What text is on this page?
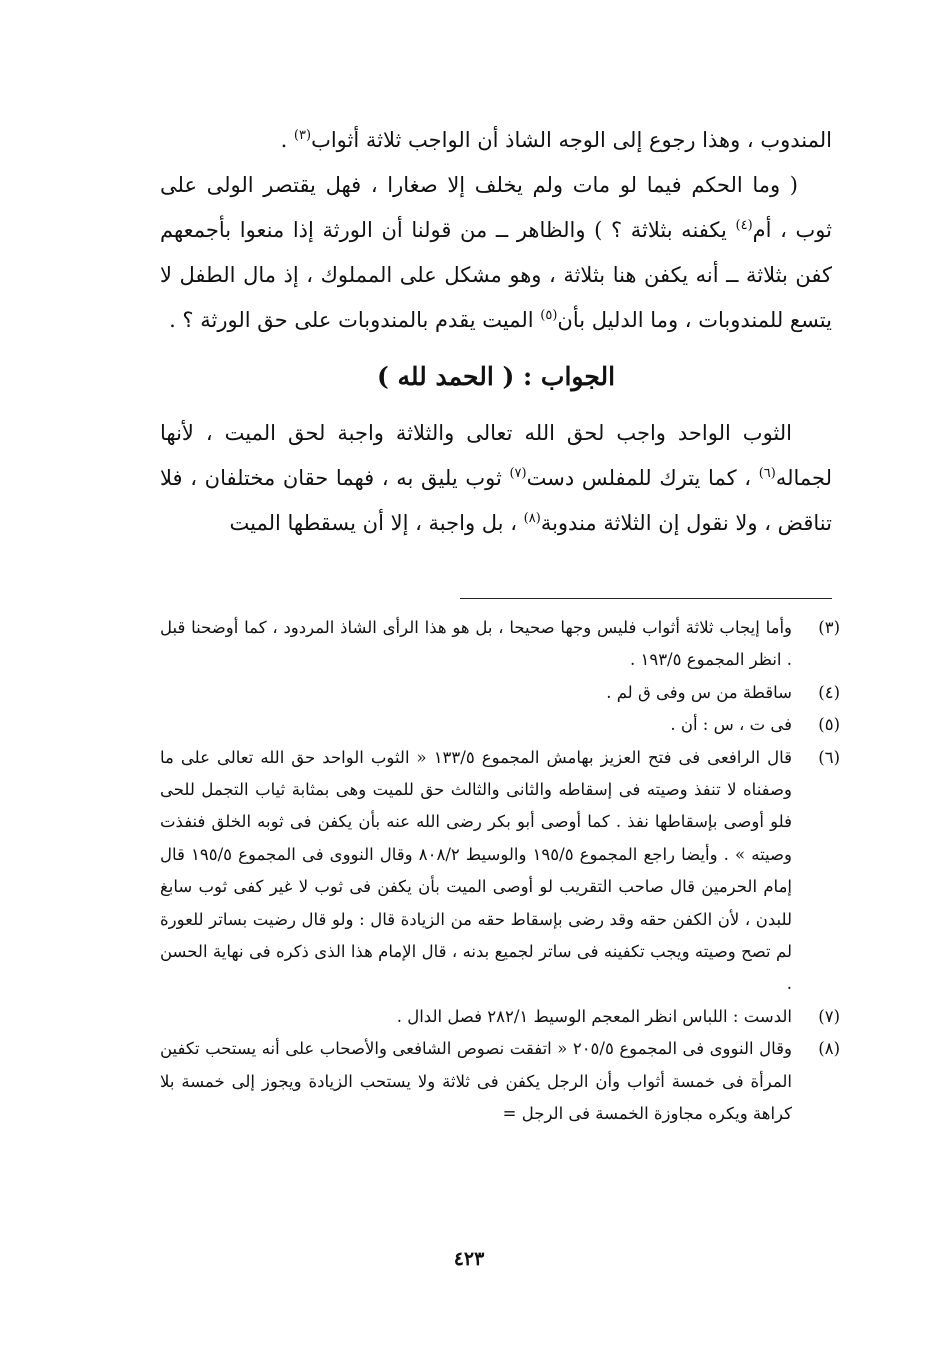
المندوب ، وهذا رجوع إلى الوجه الشاذ أن الواجب ثلاثة أثواب$^{(٣)}$ .

( وما الحكم فيما لو مات ولم يخلف إلا صغارا ، فهل يقتصر الولى على ثوب ، أم$^{(٤)}$ يكفنه بثلاثة ؟ ) والظاهر ــ من قولنا أن الورثة إذا منعوا بأجمعهم كفن بثلاثة ــ أنه يكفن هنا بثلاثة ، وهو مشكل على المملوك ، إذ مال الطفل لا يتسع للمندوبات ، وما الدليل بأن$^{(٥)}$ الميت يقدم بالمندوبات على حق الورثة ؟ .

الجواب : ( الحمد لله )

الثوب الواحد واجب لحق الله تعالى والثلاثة واجبة لحق الميت ، لأنها لجماله$^{(٦)}$ ، كما يترك للمفلس دست$^{(٧)}$ ثوب يليق به ، فهما حقان مختلفان ، فلا تناقض ، ولا نقول إن الثلاثة مندوبة$^{(٨)}$ ، بل واجبة ، إلا أن يسقطها الميت

(٣)
وأما إيجاب ثلاثة أثواب فليس وجها صحيحا ، بل هو هذا الرأى الشاذ المردود ، كما أوضحنا قبل . انظر المجموع ١٩٣/٥ .
(٤)
ساقطة من س وفى ق لم .
(٥)
فى ت ، س : أن .
(٦)
قال الرافعى فى فتح العزيز بهامش المجموع ١٣٣/٥ « الثوب الواحد حق الله تعالى على ما وصفناه لا تنفذ وصيته فى إسقاطه والثانى والثالث حق للميت وهى بمثابة ثياب التجمل للحى فلو أوصى بإسقاطها نفذ . كما أوصى أبو بكر رضى الله عنه بأن يكفن فى ثوبه الخلق فنفذت وصيته » . وأيضا راجع المجموع ١٩٥/٥ والوسيط ٨٠٨/٢ وقال النووى فى المجموع ١٩٥/٥ قال إمام الحرمين قال صاحب التقريب لو أوصى الميت بأن يكفن فى ثوب لا غير كفى ثوب سابغ للبدن ، لأن الكفن حقه وقد رضى بإسقاط حقه من الزيادة قال : ولو قال رضيت بساتر للعورة لم تصح وصيته ويجب تكفينه فى ساتر لجميع بدنه ، قال الإمام هذا الذى ذكره فى نهاية الحسن .
(٧)
الدست : اللباس انظر المعجم الوسيط ٢٨٢/١ فصل الدال .
(٨)
وقال النووى فى المجموع ٢٠٥/٥ « اتفقت نصوص الشافعى والأصحاب على أنه يستحب تكفين المرأة فى خمسة أثواب وأن الرجل يكفن فى ثلاثة ولا يستحب الزيادة ويجوز إلى خمسة بلا كراهة ويكره مجاوزة الخمسة فى الرجل =
٤٢٣
